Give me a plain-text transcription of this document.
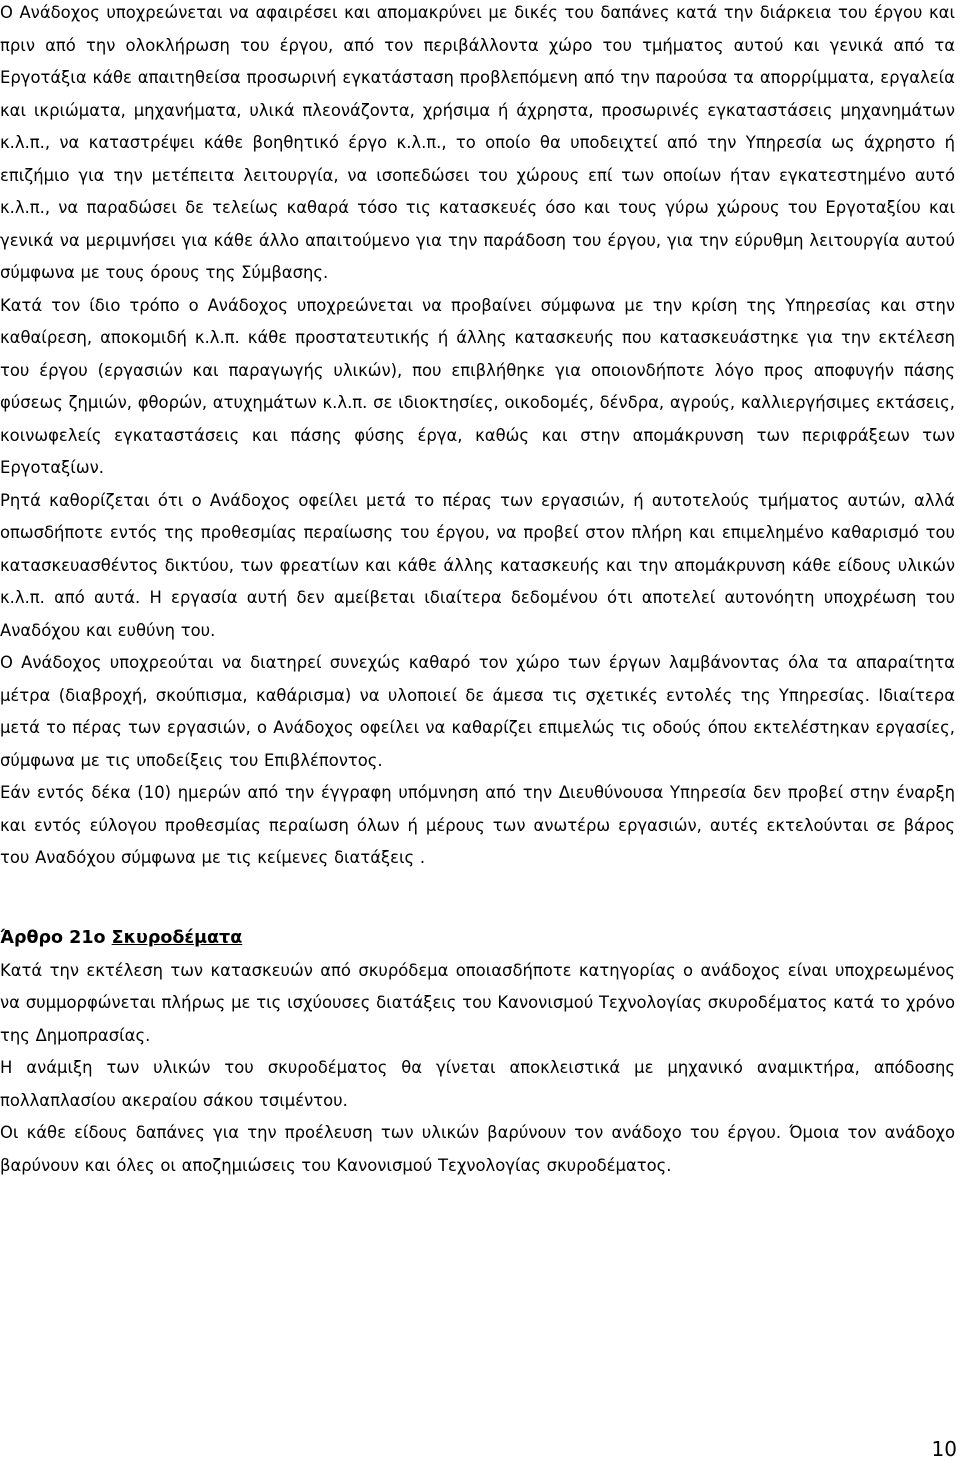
Ο Ανάδοχος υποχρεώνεται να αφαιρέσει και απομακρύνει με δικές του δαπάνες κατά την διάρκεια του έργου και πριν από την ολοκλήρωση του έργου, από τον περιβάλλοντα χώρο του τμήματος αυτού και γενικά από τα Εργοτάξια κάθε απαιτηθείσα προσωρινή εγκατάσταση προβλεπόμενη από την παρούσα τα απορρίμματα, εργαλεία και ικριώματα, μηχανήματα, υλικά πλεονάζοντα, χρήσιμα ή άχρηστα, προσωρινές εγκαταστάσεις μηχανημάτων κ.λ.π., να καταστρέψει κάθε βοηθητικό έργο κ.λ.π., το οποίο θα υποδειχτεί από την Υπηρεσία ως άχρηστο ή επιζήμιο για την μετέπειτα λειτουργία, να ισοπεδώσει του χώρους επί των οποίων ήταν εγκατεστημένο αυτό κ.λ.π., να παραδώσει δε τελείως καθαρά τόσο τις κατασκευές όσο και τους γύρω χώρους του Εργοταξίου και γενικά να μεριμνήσει για κάθε άλλο απαιτούμενο για την παράδοση του έργου, για την εύρυθμη λειτουργία αυτού σύμφωνα με τους όρους της Σύμβασης.

Κατά τον ίδιο τρόπο ο Ανάδοχος υποχρεώνεται να προβαίνει σύμφωνα με την κρίση της Υπηρεσίας και στην καθαίρεση, αποκομιδή κ.λ.π. κάθε προστατευτικής ή άλλης κατασκευής που κατασκευάστηκε για την εκτέλεση του έργου (εργασιών και παραγωγής υλικών), που επιβλήθηκε για οποιονδήποτε λόγο προς αποφυγήν πάσης φύσεως ζημιών, φθορών, ατυχημάτων κ.λ.π. σε ιδιοκτησίες, οικοδομές, δένδρα, αγρούς, καλλιεργήσιμες εκτάσεις, κοινωφελείς εγκαταστάσεις και πάσης φύσης έργα, καθώς και στην απομάκρυνση των περιφράξεων των Εργοταξίων.

Ρητά καθορίζεται ότι ο Ανάδοχος οφείλει μετά το πέρας των εργασιών, ή αυτοτελούς τμήματος αυτών, αλλά οπωσδήποτε εντός της προθεσμίας περαίωσης του έργου, να προβεί στον πλήρη και επιμελημένο καθαρισμό του κατασκευασθέντος δικτύου, των φρεατίων και κάθε άλλης κατασκευής και την απομάκρυνση κάθε είδους υλικών κ.λ.π. από αυτά. Η εργασία αυτή δεν αμείβεται ιδιαίτερα δεδομένου ότι αποτελεί αυτονόητη υποχρέωση του Αναδόχου και ευθύνη του.

Ο Ανάδοχος υποχρεούται να διατηρεί συνεχώς καθαρό τον χώρο των έργων λαμβάνοντας όλα τα απαραίτητα μέτρα (διαβροχή, σκούπισμα, καθάρισμα) να υλοποιεί δε άμεσα τις σχετικές εντολές της Υπηρεσίας. Ιδιαίτερα μετά το πέρας των εργασιών, ο Ανάδοχος οφείλει να καθαρίζει επιμελώς τις οδούς όπου εκτελέστηκαν εργασίες, σύμφωνα με τις υποδείξεις του Επιβλέποντος.

Εάν εντός δέκα (10) ημερών από την έγγραφη υπόμνηση από την Διευθύνουσα Υπηρεσία δεν προβεί στην έναρξη και εντός εύλογου προθεσμίας περαίωση όλων ή μέρους των ανωτέρω εργασιών, αυτές εκτελούνται σε βάρος του Αναδόχου σύμφωνα με τις κείμενες διατάξεις .

Άρθρο 21ο Σκυροδέματα

Κατά την εκτέλεση των κατασκευών από σκυρόδεμα οποιασδήποτε κατηγορίας ο ανάδοχος είναι υποχρεωμένος να συμμορφώνεται πλήρως με τις ισχύουσες διατάξεις του Κανονισμού Τεχνολογίας σκυροδέματος κατά το χρόνο της Δημοπρασίας.

Η ανάμιξη των υλικών του σκυροδέματος θα γίνεται αποκλειστικά με μηχανικό αναμικτήρα, απόδοσης πολλαπλασίου ακεραίου σάκου τσιμέντου.

Οι κάθε είδους δαπάνες για την προέλευση των υλικών βαρύνουν τον ανάδοχο του έργου. Όμοια τον ανάδοχο βαρύνουν και όλες οι αποζημιώσεις του Κανονισμού Τεχνολογίας σκυροδέματος.

10
